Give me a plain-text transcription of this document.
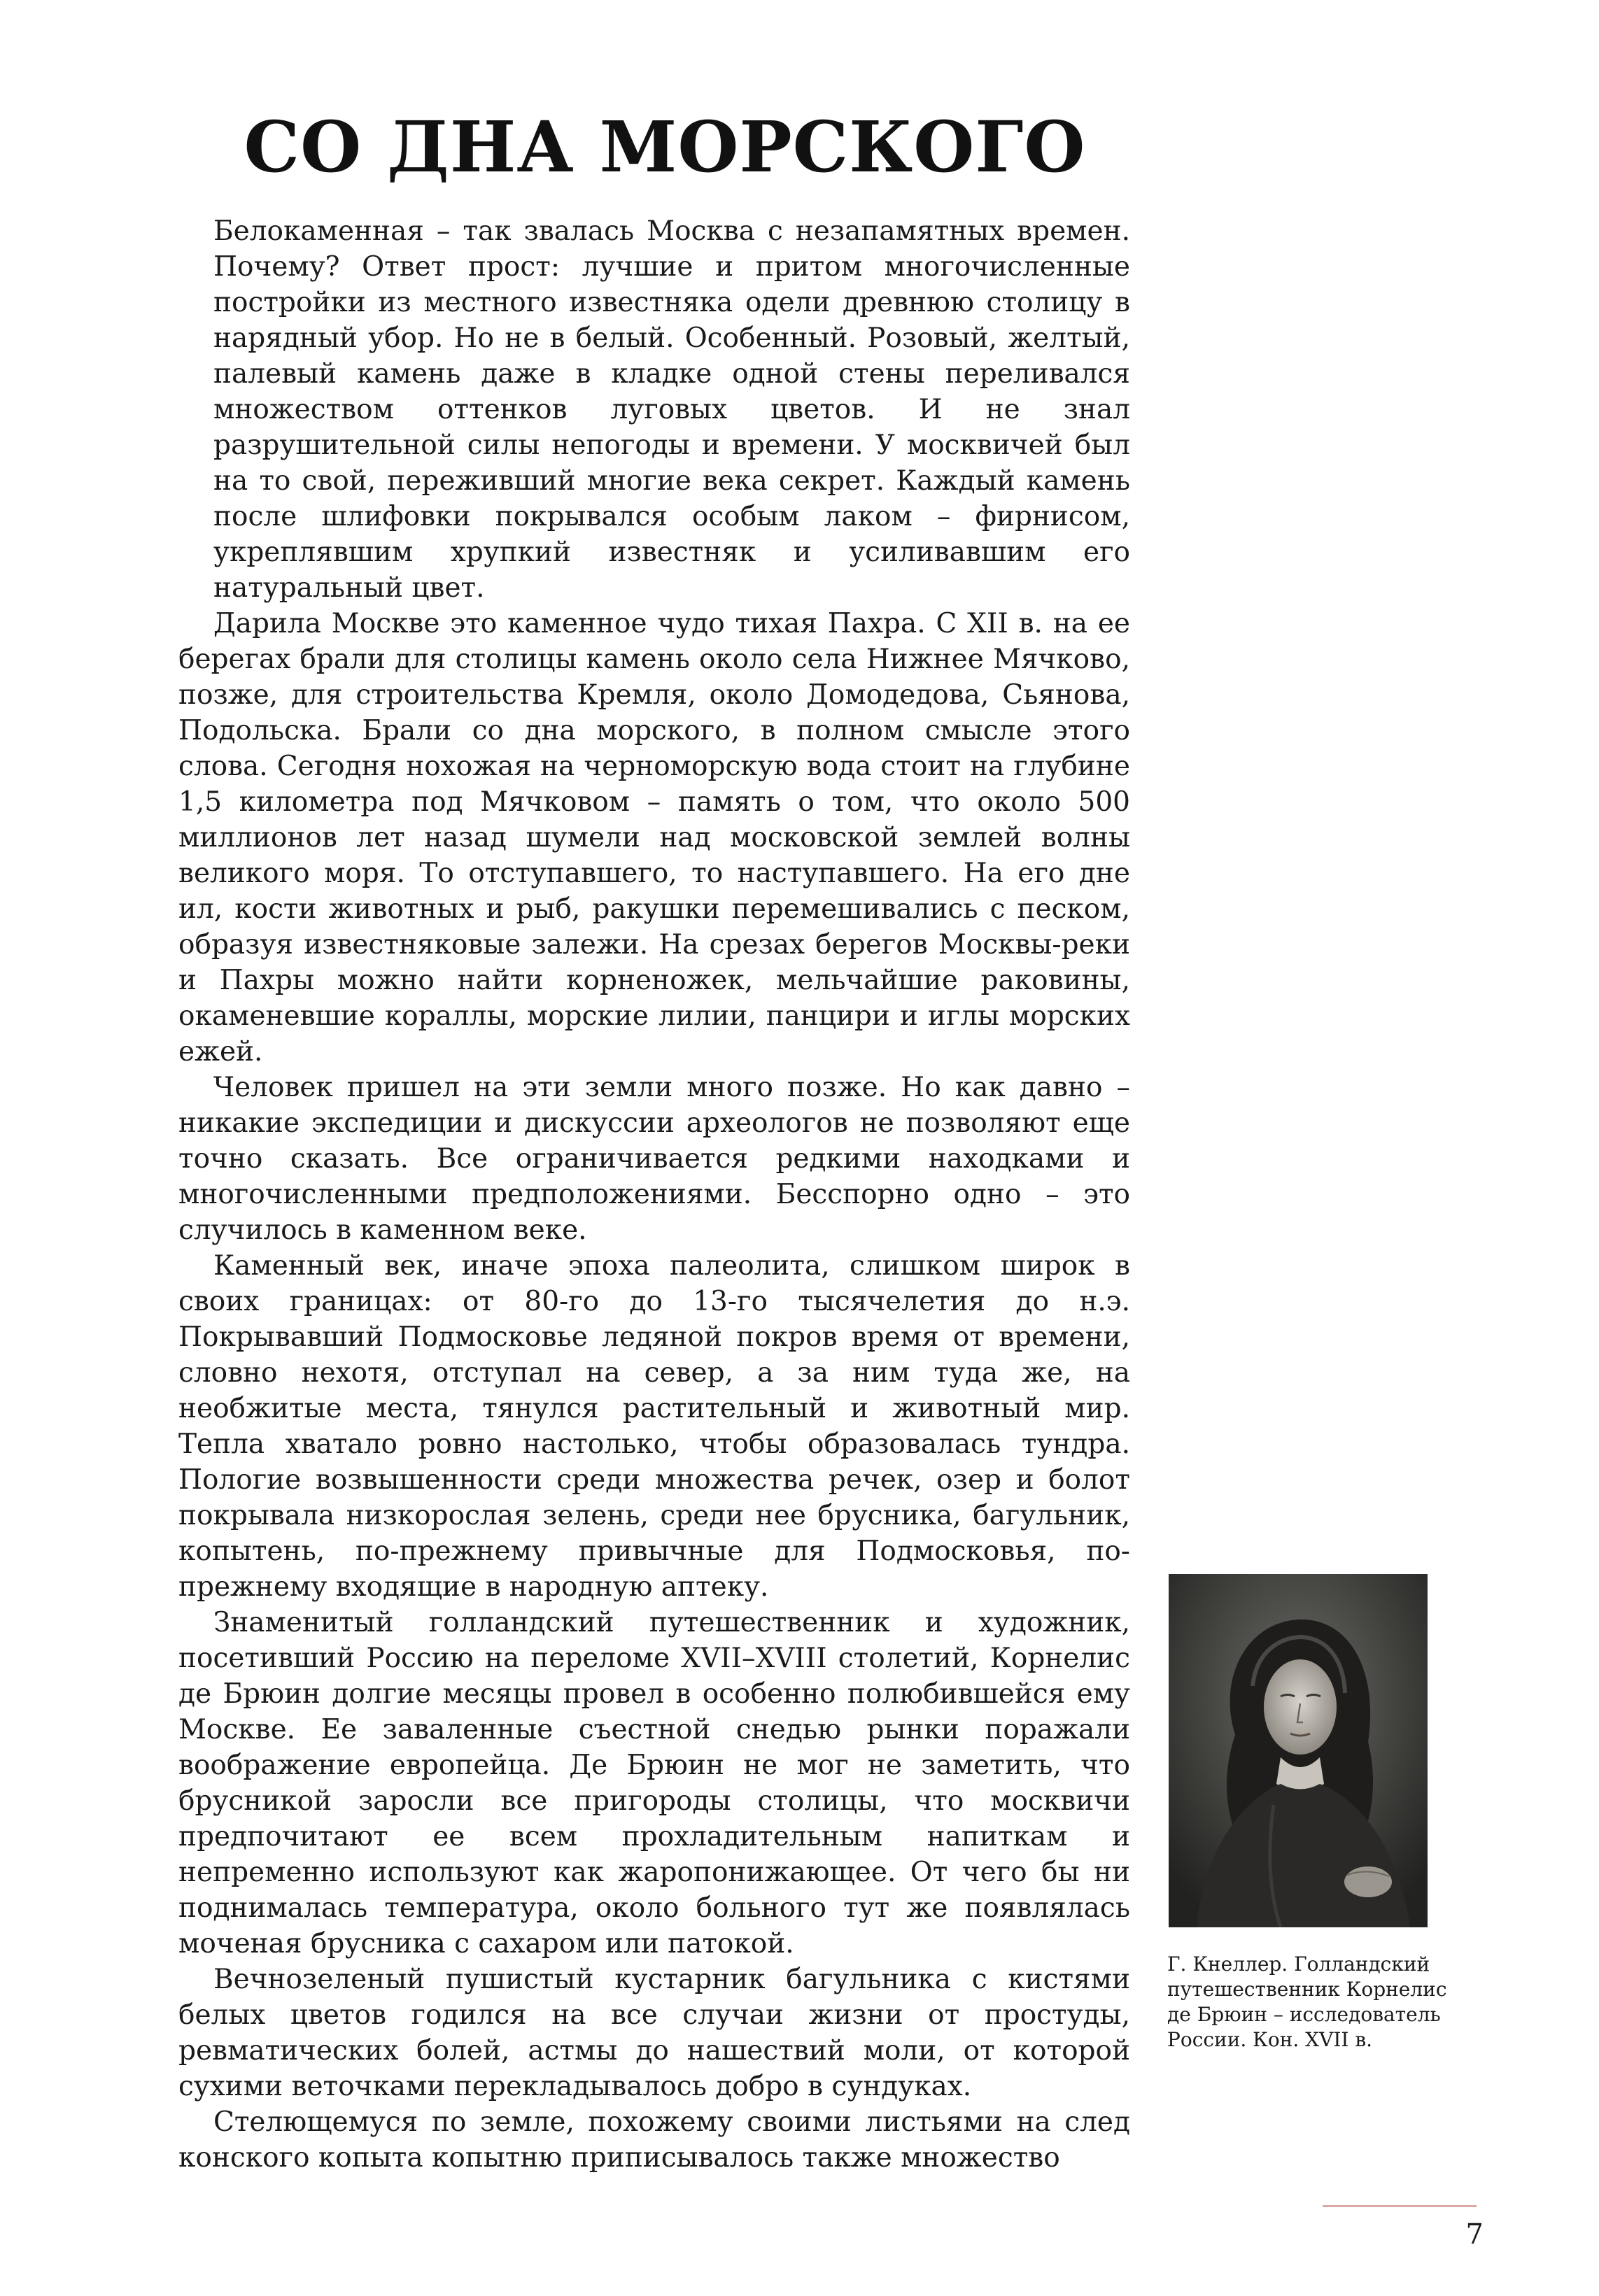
СО ДНА МОРСКОГО

Белокаменная – так звалась Москва с незапамятных времен. Почему? Ответ прост: лучшие и притом многочисленные постройки из местного известняка одели древнюю столицу в нарядный убор. Но не в белый. Особенный. Розовый, желтый, палевый камень даже в кладке одной стены переливался множеством оттенков луговых цветов. И не знал разрушительной силы непогоды и времени. У москвичей был на то свой, переживший многие века секрет. Каждый камень после шлифовки покрывался особым лаком – фирнисом, укреплявшим хрупкий известняк и усиливавшим его натуральный цвет.

Дарила Москве это каменное чудо тихая Пахра. С XII в. на ее берегах брали для столицы камень около села Нижнее Мячково, позже, для строительства Кремля, около Домодедова, Сьянова, Подольска. Брали со дна морского, в полном смысле этого слова. Сегодня нохожая на черноморскую вода стоит на глубине 1,5 километра под Мячковом – память о том, что около 500 миллионов лет назад шумели над московской землей волны великого моря. То отступавшего, то наступавшего. На его дне ил, кости животных и рыб, ракушки перемешивались с песком, образуя известняковые залежи. На срезах берегов Москвы-реки и Пахры можно найти корненожек, мельчайшие раковины, окаменевшие кораллы, морские лилии, панцири и иглы морских ежей.

Человек пришел на эти земли много позже. Но как давно – никакие экспедиции и дискуссии археологов не позволяют еще точно сказать. Все ограничивается редкими находками и многочисленными предположениями. Бесспорно одно – это случилось в каменном веке.

Каменный век, иначе эпоха палеолита, слишком широк в своих границах: от 80-го до 13-го тысячелетия до н.э. Покрывавший Подмосковье ледяной покров время от времени, словно нехотя, отступал на север, а за ним туда же, на необжитые места, тянулся растительный и животный мир. Тепла хватало ровно настолько, чтобы образовалась тундра. Пологие возвышенности среди множества речек, озер и болот покрывала низкорослая зелень, среди нее брусника, багульник, копытень, по-прежнему привычные для Подмосковья, по-прежнему входящие в народную аптеку.

Знаменитый голландский путешественник и художник, посетивший Россию на переломе XVII–XVIII столетий, Корнелис де Брюин долгие месяцы провел в особенно полюбившейся ему Москве. Ее заваленные съестной снедью рынки поражали воображение европейца. Де Брюин не мог не заметить, что брусникой заросли все пригороды столицы, что москвичи предпочитают ее всем прохладительным напиткам и непременно используют как жаропонижающее. От чего бы ни поднималась температура, около больного тут же появлялась моченая брусника с сахаром или патокой.

Вечнозеленый пушистый кустарник багульника с кистями белых цветов годился на все случаи жизни от простуды, ревматических болей, астмы до нашествий моли, от которой сухими веточками перекладывалось добро в сундуках.

Стелющемуся по земле, похожему своими листьями на след конского копыта копытню приписывалось также множество

Г. Кнеллер. Голландский путешественник Корнелис де Брюин – исследователь России. Кон. XVII в.

7
